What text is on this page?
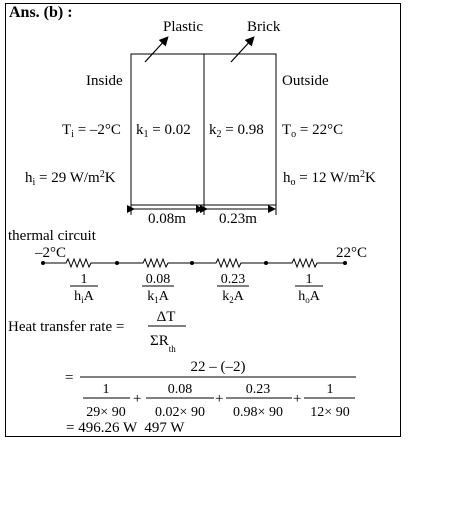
Ans. (b) :
Plastic	Brick
Inside	Outside
$T_i = -2^\circ C$ $k_1 = 0.02$ $k_2 = 0.98$ $T_o = 22^\circ C$
$h_i = 29$ $W/m^2K$	$h_o = 12$ $W/m^2K$
0.08m 0.23m
thermal circuit
–2°C	22°C
1
$h_iA$
0.08
$k_1A$
0.23
$k_2A$
1
$h_oA$
Heat transfer rate =
ΔT
$\Sigma R_{th}$
=
22 – (–2)
1
29× 90
+
0.08
0.02× 90
+
0.23
0.98× 90
+
1
12× 90
= 496.26 W  497 W
